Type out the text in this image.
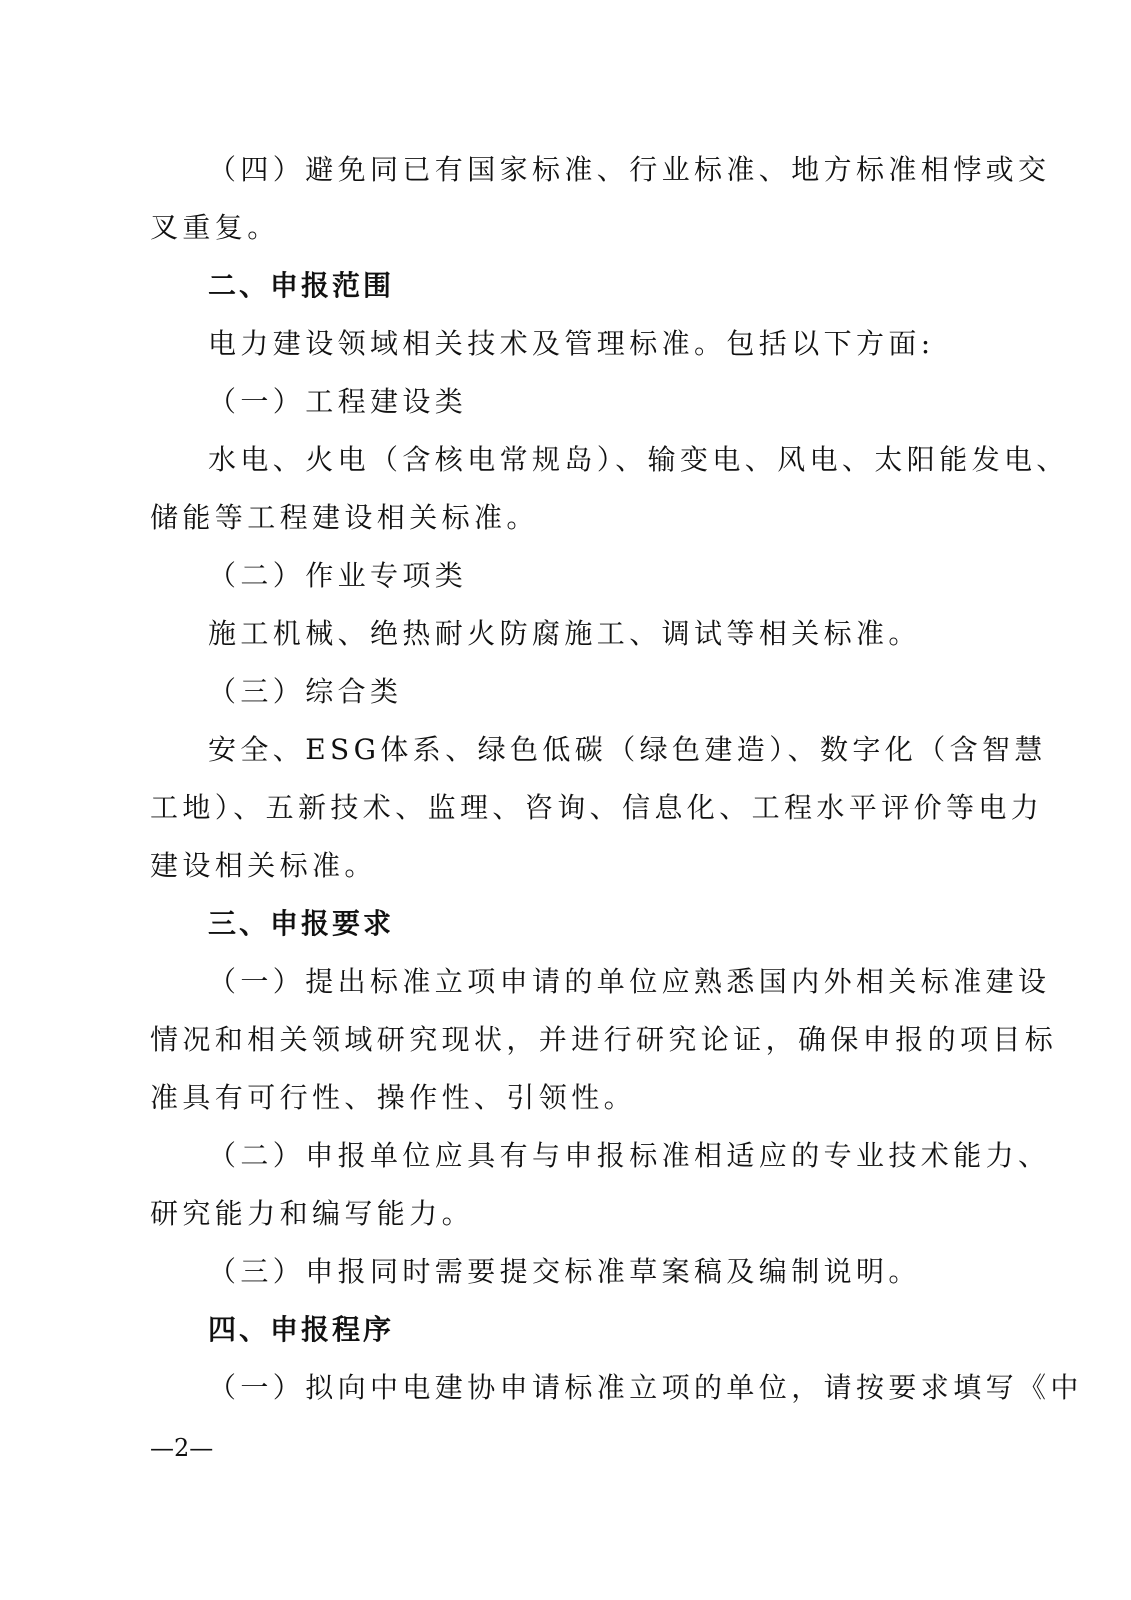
（四）避免同已有国家标准、行业标准、地方标准相悖或交
叉重复。
二、申报范围
电力建设领域相关技术及管理标准。包括以下方面:
（一）工程建设类
水电、火电（含核电常规岛）、输变电、风电、太阳能发电、
储能等工程建设相关标准。
（二）作业专项类
施工机械、绝热耐火防腐施工、调试等相关标准。
（三）综合类
安全、ESG体系、绿色低碳（绿色建造）、数字化（含智慧
工地）、五新技术、监理、咨询、信息化、工程水平评价等电力
建设相关标准。
三、申报要求
（一）提出标准立项申请的单位应熟悉国内外相关标准建设
情况和相关领域研究现状，并进行研究论证，确保申报的项目标
准具有可行性、操作性、引领性。
（二）申报单位应具有与申报标准相适应的专业技术能力、
研究能力和编写能力。
（三）申报同时需要提交标准草案稿及编制说明。
四、申报程序
（一）拟向中电建协申请标准立项的单位，请按要求填写《中
—2—
